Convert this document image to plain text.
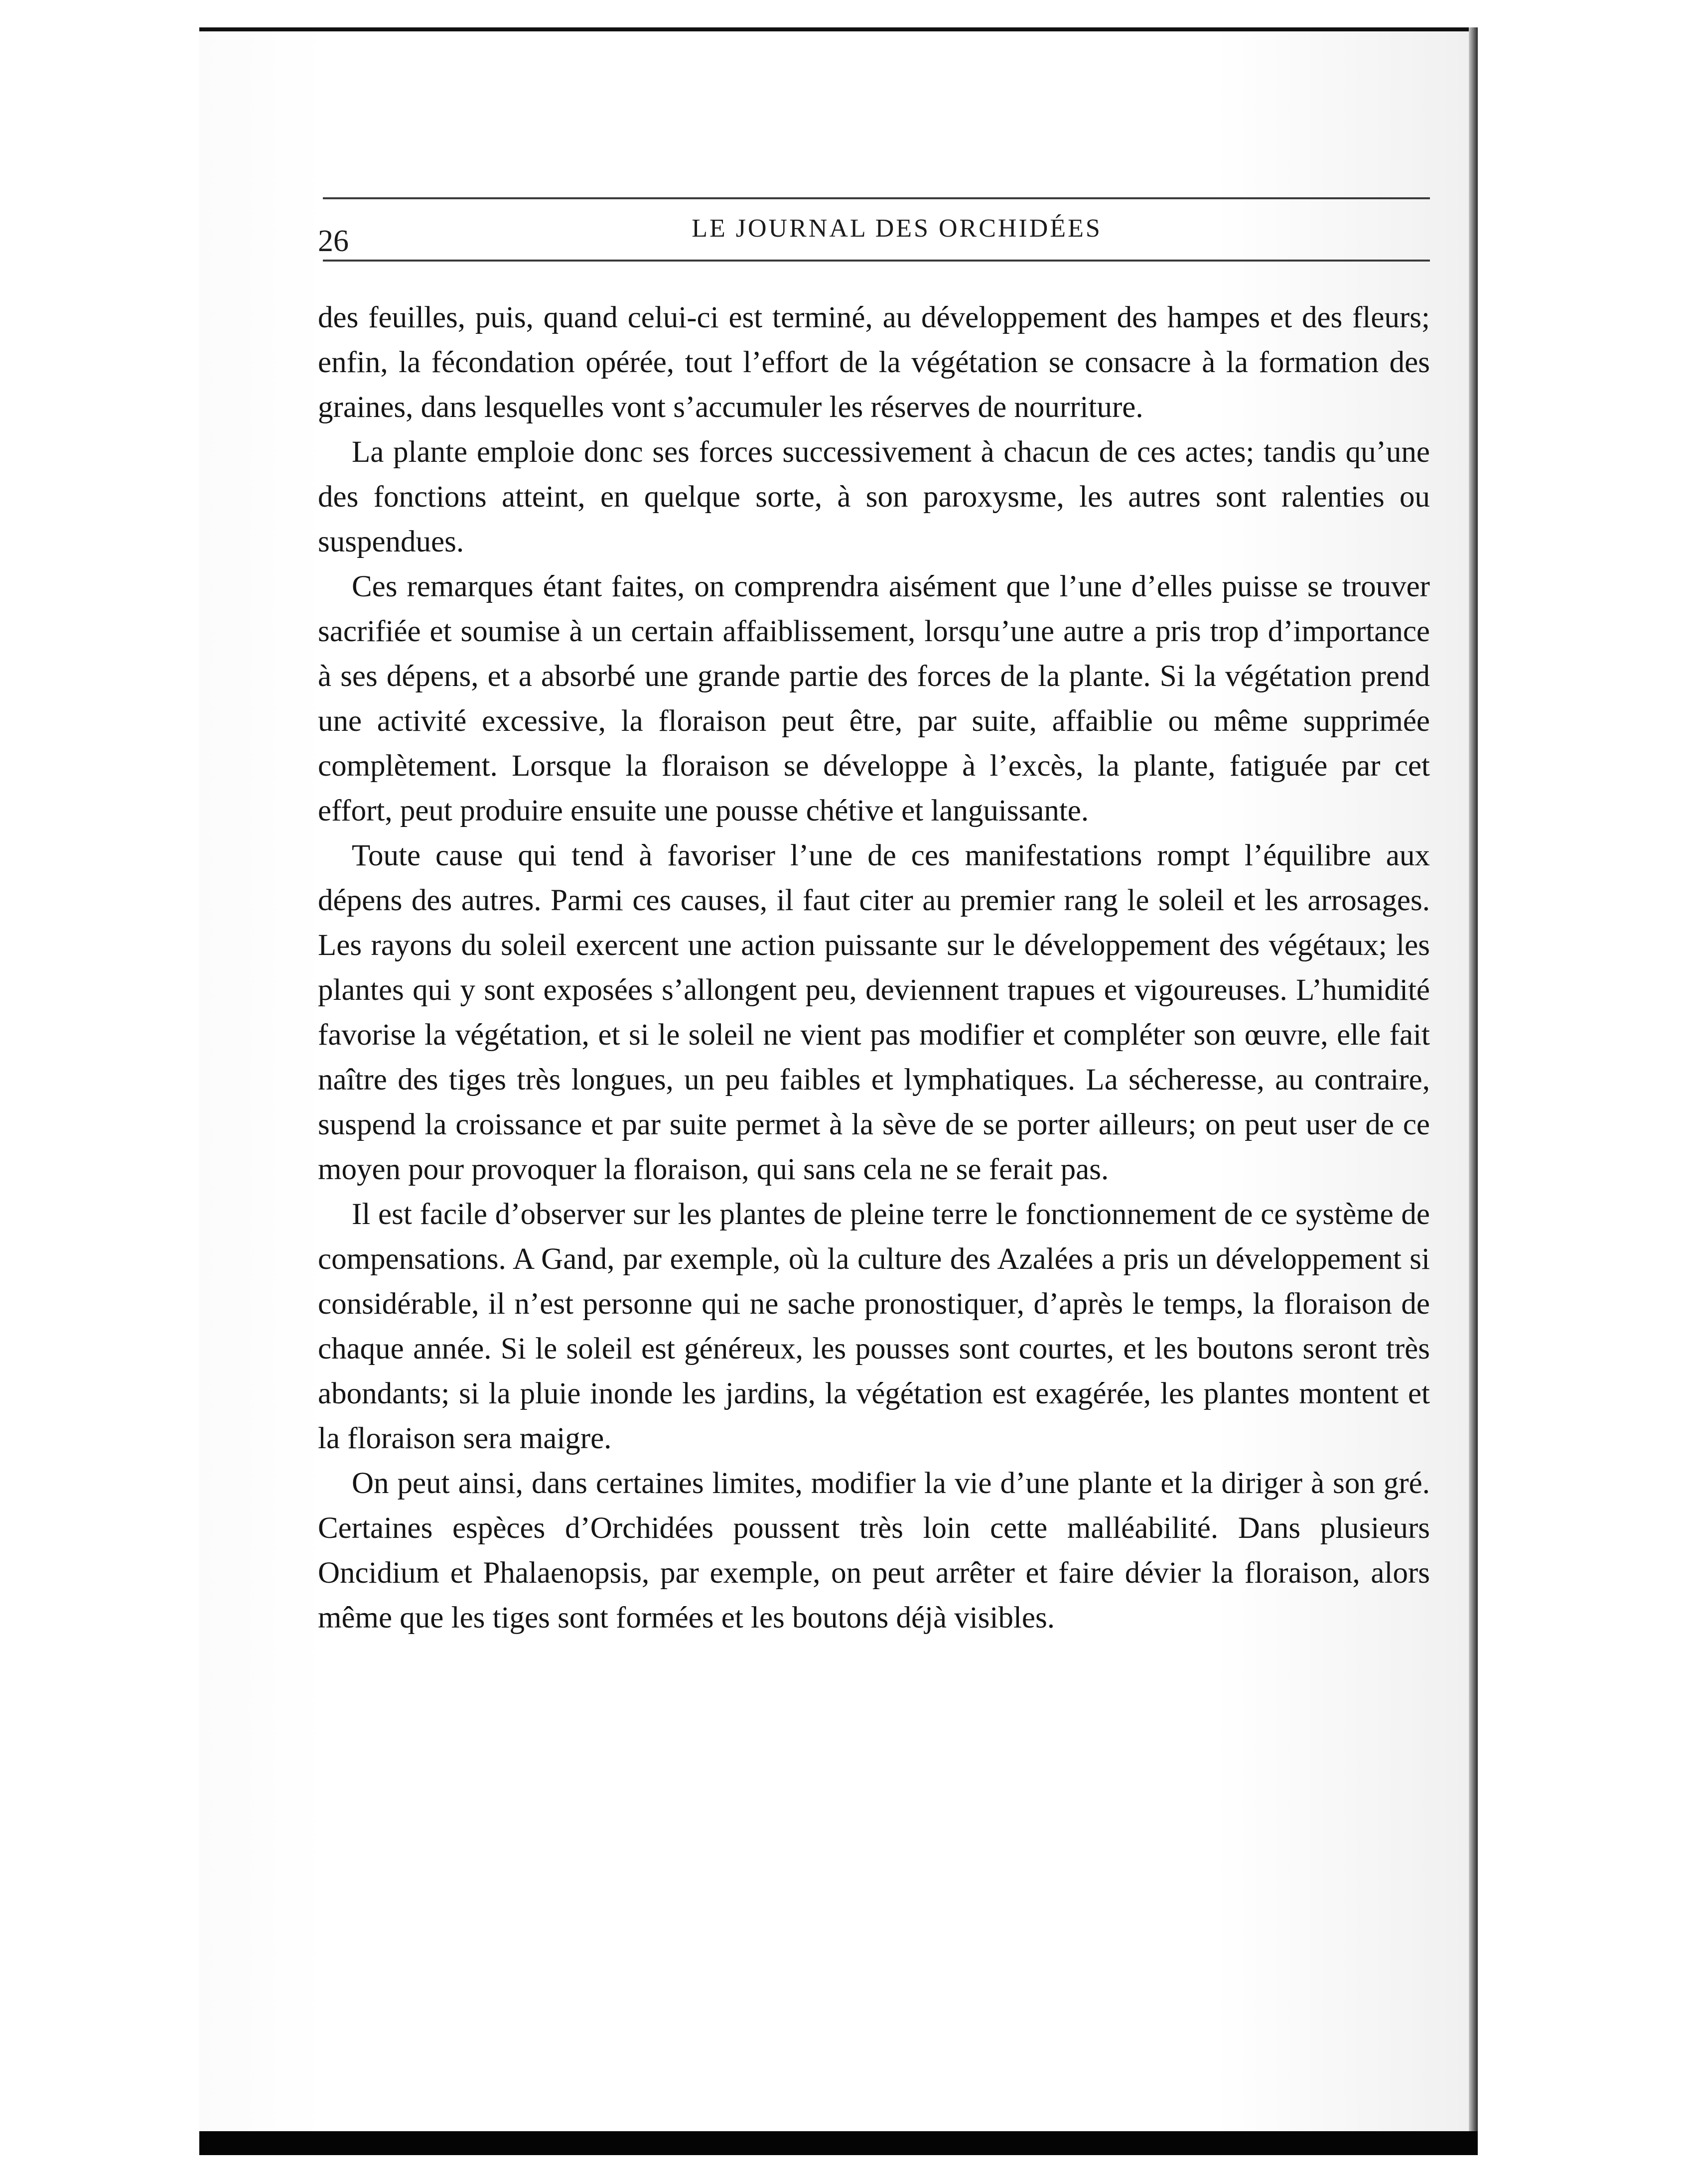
26	LE JOURNAL DES ORCHIDÉES

des feuilles, puis, quand celui-ci est terminé, au développement des hampes et des fleurs; enfin, la fécondation opérée, tout l’effort de la végétation se consacre à la formation des graines, dans lesquelles vont s’accumuler les réserves de nourriture.

La plante emploie donc ses forces successivement à chacun de ces actes; tandis qu’une des fonctions atteint, en quelque sorte, à son paroxysme, les autres sont ralenties ou suspendues.

Ces remarques étant faites, on comprendra aisément que l’une d’elles puisse se trouver sacrifiée et soumise à un certain affaiblissement, lorsqu’une autre a pris trop d’importance à ses dépens, et a absorbé une grande partie des forces de la plante. Si la végétation prend une activité excessive, la floraison peut être, par suite, affaiblie ou même supprimée complètement. Lorsque la floraison se développe à l’excès, la plante, fatiguée par cet effort, peut produire ensuite une pousse chétive et languissante.

Toute cause qui tend à favoriser l’une de ces manifestations rompt l’équilibre aux dépens des autres. Parmi ces causes, il faut citer au premier rang le soleil et les arrosages. Les rayons du soleil exercent une action puissante sur le développement des végétaux; les plantes qui y sont exposées s’allongent peu, deviennent trapues et vigoureuses. L’humidité favorise la végétation, et si le soleil ne vient pas modifier et compléter son œuvre, elle fait naître des tiges très longues, un peu faibles et lymphatiques. La sécheresse, au contraire, suspend la croissance et par suite permet à la sève de se porter ailleurs; on peut user de ce moyen pour provoquer la floraison, qui sans cela ne se ferait pas.

Il est facile d’observer sur les plantes de pleine terre le fonctionnement de ce système de compensations. A Gand, par exemple, où la culture des Azalées a pris un développement si considérable, il n’est personne qui ne sache pronostiquer, d’après le temps, la floraison de chaque année. Si le soleil est généreux, les pousses sont courtes, et les boutons seront très abondants; si la pluie inonde les jardins, la végétation est exagérée, les plantes montent et la floraison sera maigre.

On peut ainsi, dans certaines limites, modifier la vie d’une plante et la diriger à son gré. Certaines espèces d’Orchidées poussent très loin cette malléabilité. Dans plusieurs Oncidium et Phalaenopsis, par exemple, on peut arrêter et faire dévier la floraison, alors même que les tiges sont formées et les boutons déjà visibles.
